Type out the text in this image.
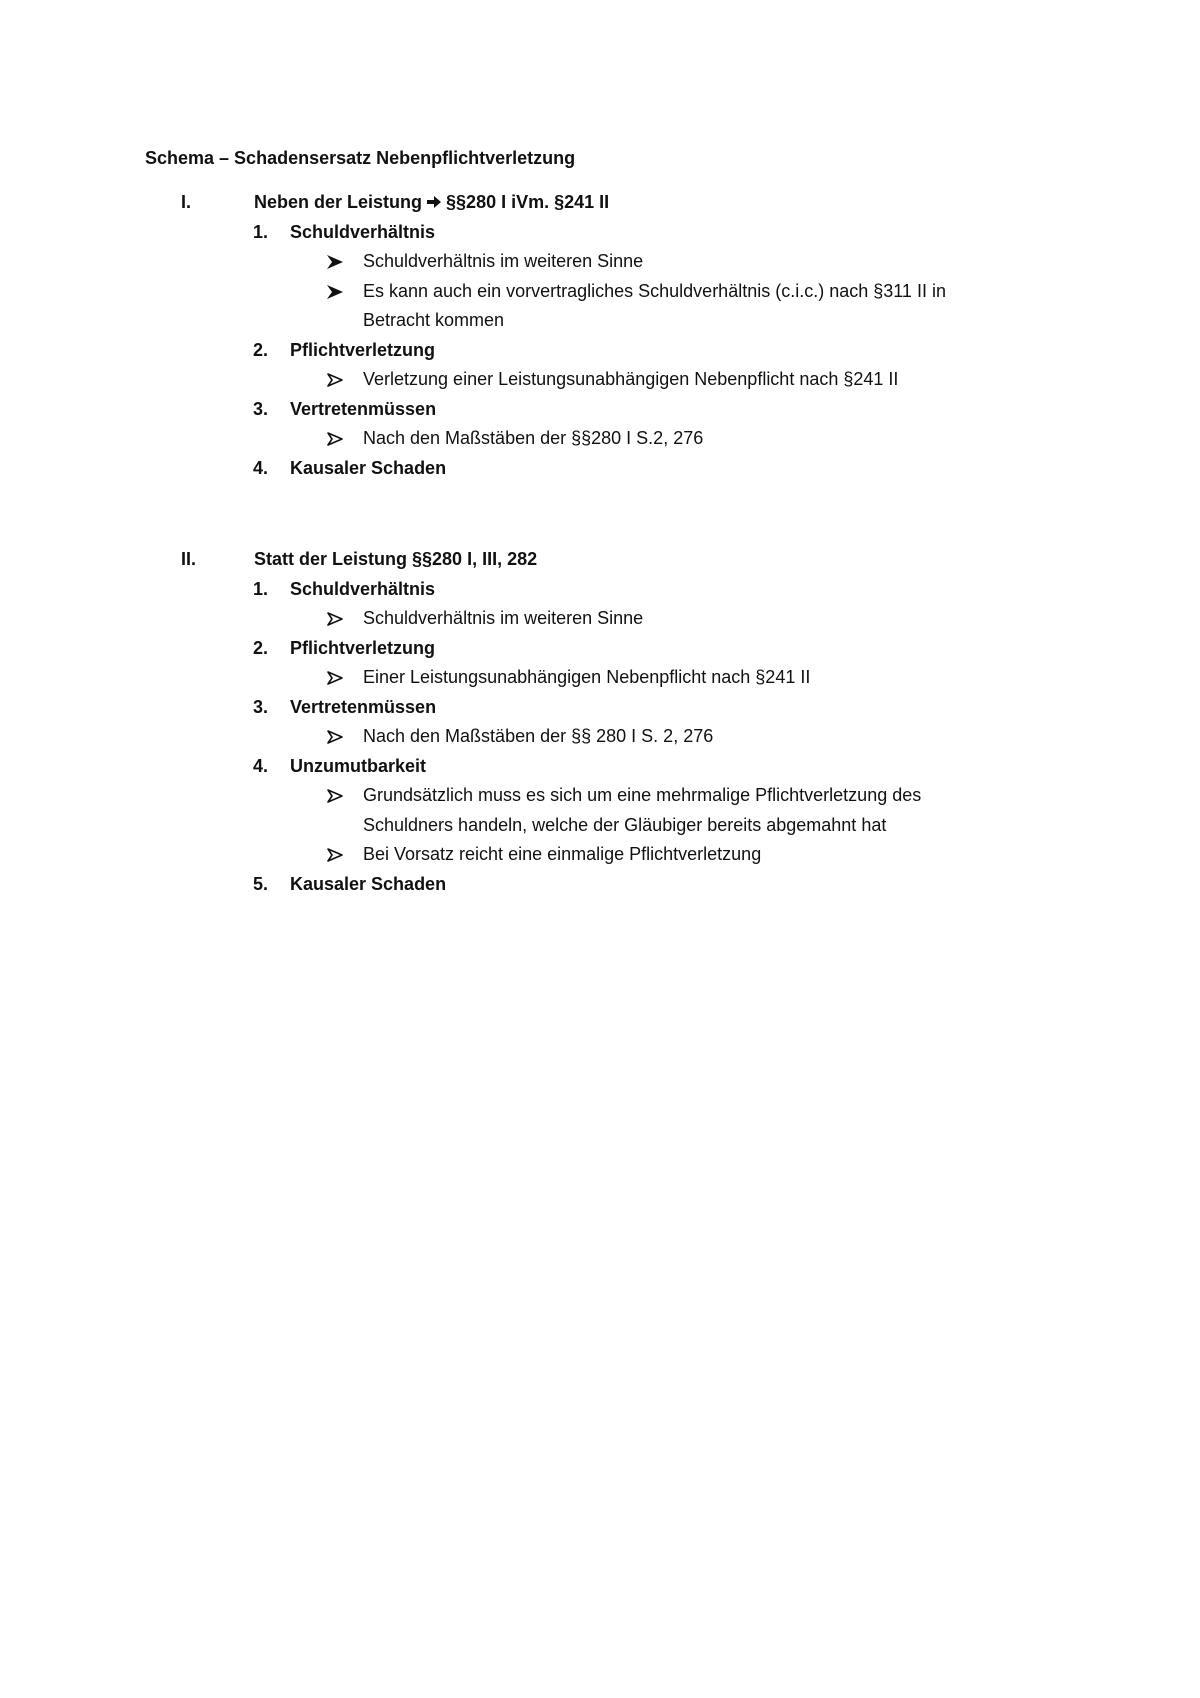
Schema – Schadensersatz Nebenpflichtverletzung
I.	Neben der Leistung §§280 I iVm. §241 II
1. Schuldverhältnis
Schuldverhältnis im weiteren Sinne
Es kann auch ein vorvertragliches Schuldverhältnis (c.i.c.) nach §311 II in
Betracht kommen
2. Pflichtverletzung
Verletzung einer Leistungsunabhängigen Nebenpflicht nach §241 II
3. Vertretenmüssen
Nach den Maßstäben der §§280 I S.2, 276
4. Kausaler Schaden
II.	Statt der Leistung §§280 I, III, 282
1. Schuldverhältnis
Schuldverhältnis im weiteren Sinne
2. Pflichtverletzung
Einer Leistungsunabhängigen Nebenpflicht nach §241 II
3. Vertretenmüssen
Nach den Maßstäben der §§ 280 I S. 2, 276
4. Unzumutbarkeit
Grundsätzlich muss es sich um eine mehrmalige Pflichtverletzung des
Schuldners handeln, welche der Gläubiger bereits abgemahnt hat
Bei Vorsatz reicht eine einmalige Pflichtverletzung
5. Kausaler Schaden
